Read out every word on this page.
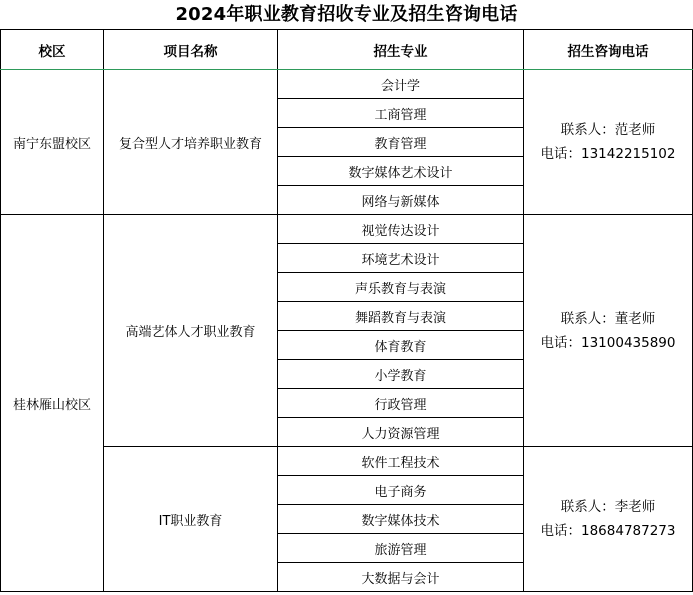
2024年职业教育招收专业及招生咨询电话
校区	项目名称	招生专业	招生咨询电话
南宁东盟校区	复合型人才培养职业教育	会计学	联系人：范老师
电话：13142215102

		工商管理	
		教育管理	
		数字媒体艺术设计	
		网络与新媒体	
桂林雁山校区	高端艺体人才职业教育	视觉传达设计	联系人：董老师
电话：13100435890

		环境艺术设计	
		声乐教育与表演	
		舞蹈教育与表演	
		体育教育	
		小学教育	
		行政管理	
		人力资源管理	
	IT职业教育	软件工程技术	联系人：李老师
电话：18684787273

		电子商务	
		数字媒体技术	
		旅游管理	
		大数据与会计	
